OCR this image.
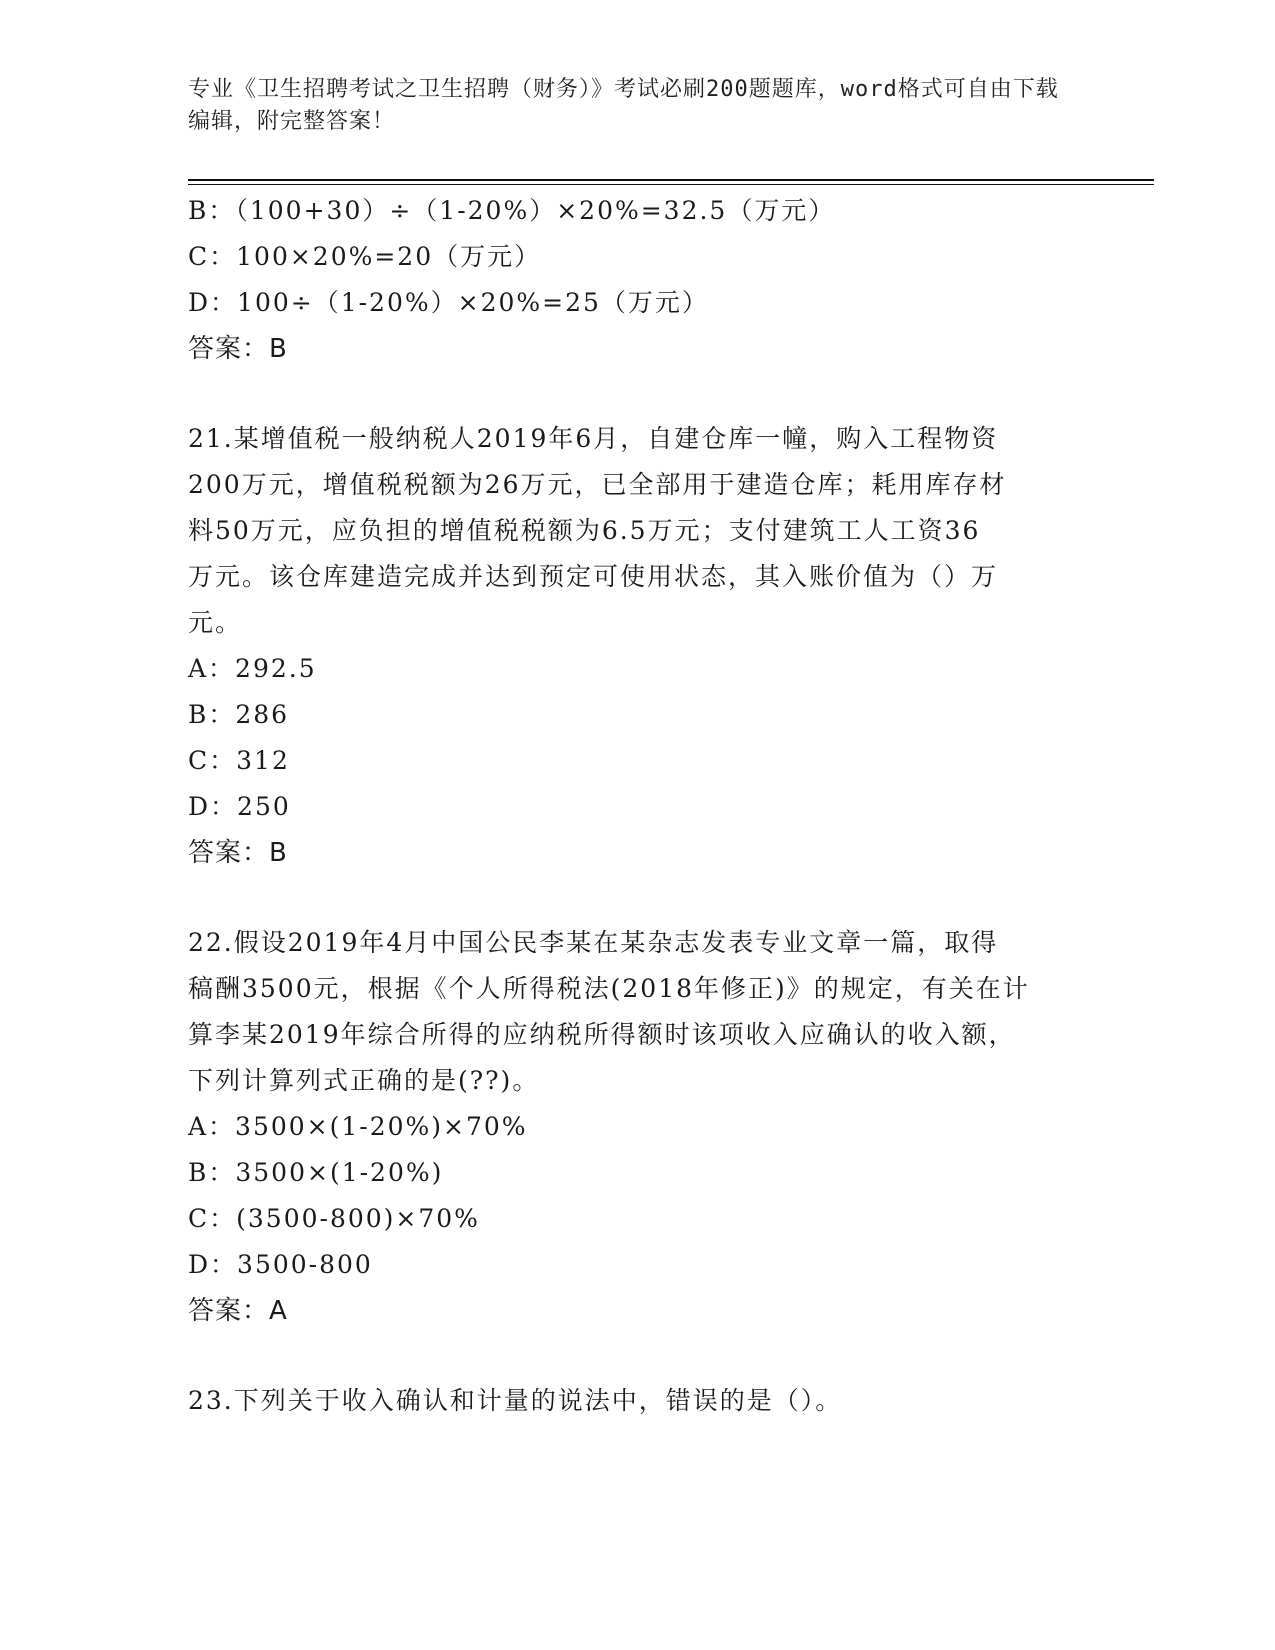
专业《卫生招聘考试之卫生招聘（财务）》考试必刷200题题库，word格式可自由下载编辑，附完整答案！
B：（100+30）÷（1-20%）×20%=32.5（万元）
C：100×20%=20（万元）
D：100÷（1-20%）×20%=25（万元）
答案：B
21.某增值税一般纳税人2019年6月，自建仓库一幢，购入工程物资
200万元，增值税税额为26万元，已全部用于建造仓库；耗用库存材
料50万元，应负担的增值税税额为6.5万元；支付建筑工人工资36
万元。该仓库建造完成并达到预定可使用状态，其入账价值为（）万
元。
A：292.5
B：286
C：312
D：250
答案：B
22.假设2019年4月中国公民李某在某杂志发表专业文章一篇，取得
稿酬3500元，根据《个人所得税法(2018年修正)》的规定，有关在计
算李某2019年综合所得的应纳税所得额时该项收入应确认的收入额，
下列计算列式正确的是(??)。
A：3500×(1-20%)×70%
B：3500×(1-20%)
C：(3500-800)×70%
D：3500-800
答案：A
23.下列关于收入确认和计量的说法中，错误的是（）。
